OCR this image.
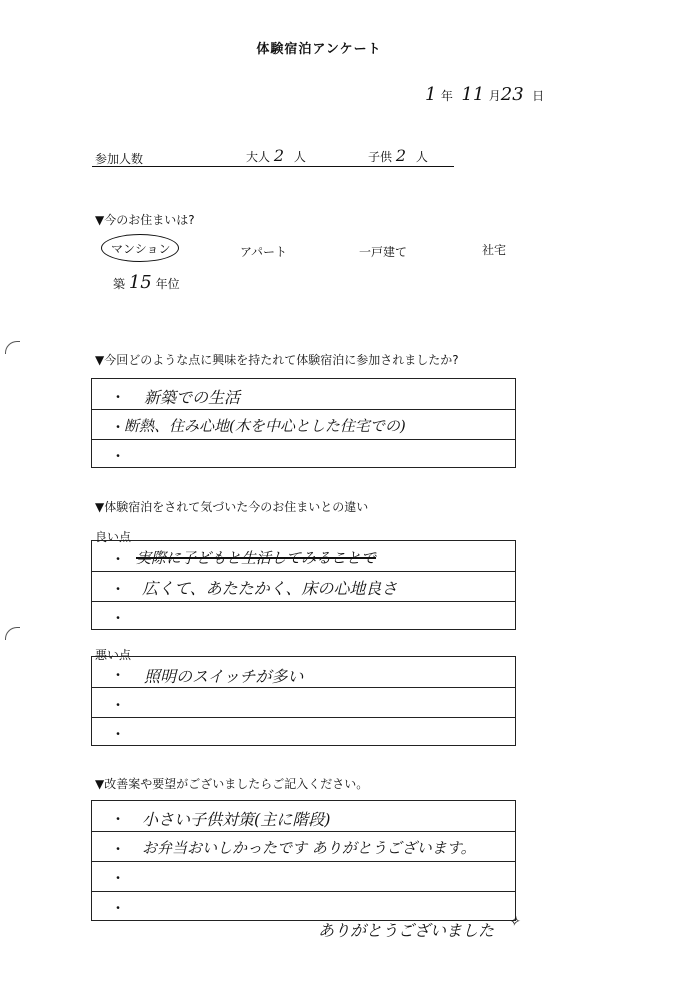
体験宿泊アンケート
1 年 11 月23 日
参加人数	大人 2 人	子供 2 人
▼今のお住まいは?
マンション	アパート	一戸建て	社宅
築 15 年位
▼今回どのような点に興味を持たれて体験宿泊に参加されましたか?
・ 新築での生活
・ 断熱、住み心地(木を中心とした住宅での)
・
▼体験宿泊をされて気づいた今のお住まいとの違い
良い点
・ 実際に子どもと生活してみることで
・ 広くて、あたたかく、床の心地良さ
・
悪い点
・ 照明のスイッチが多い
・
・
▼改善案や要望がございましたらご記入ください。
・ 小さい子供対策(主に階段)
・ お弁当おいしかったです ありがとうございます。
・
・
ありがとうございました ✧
